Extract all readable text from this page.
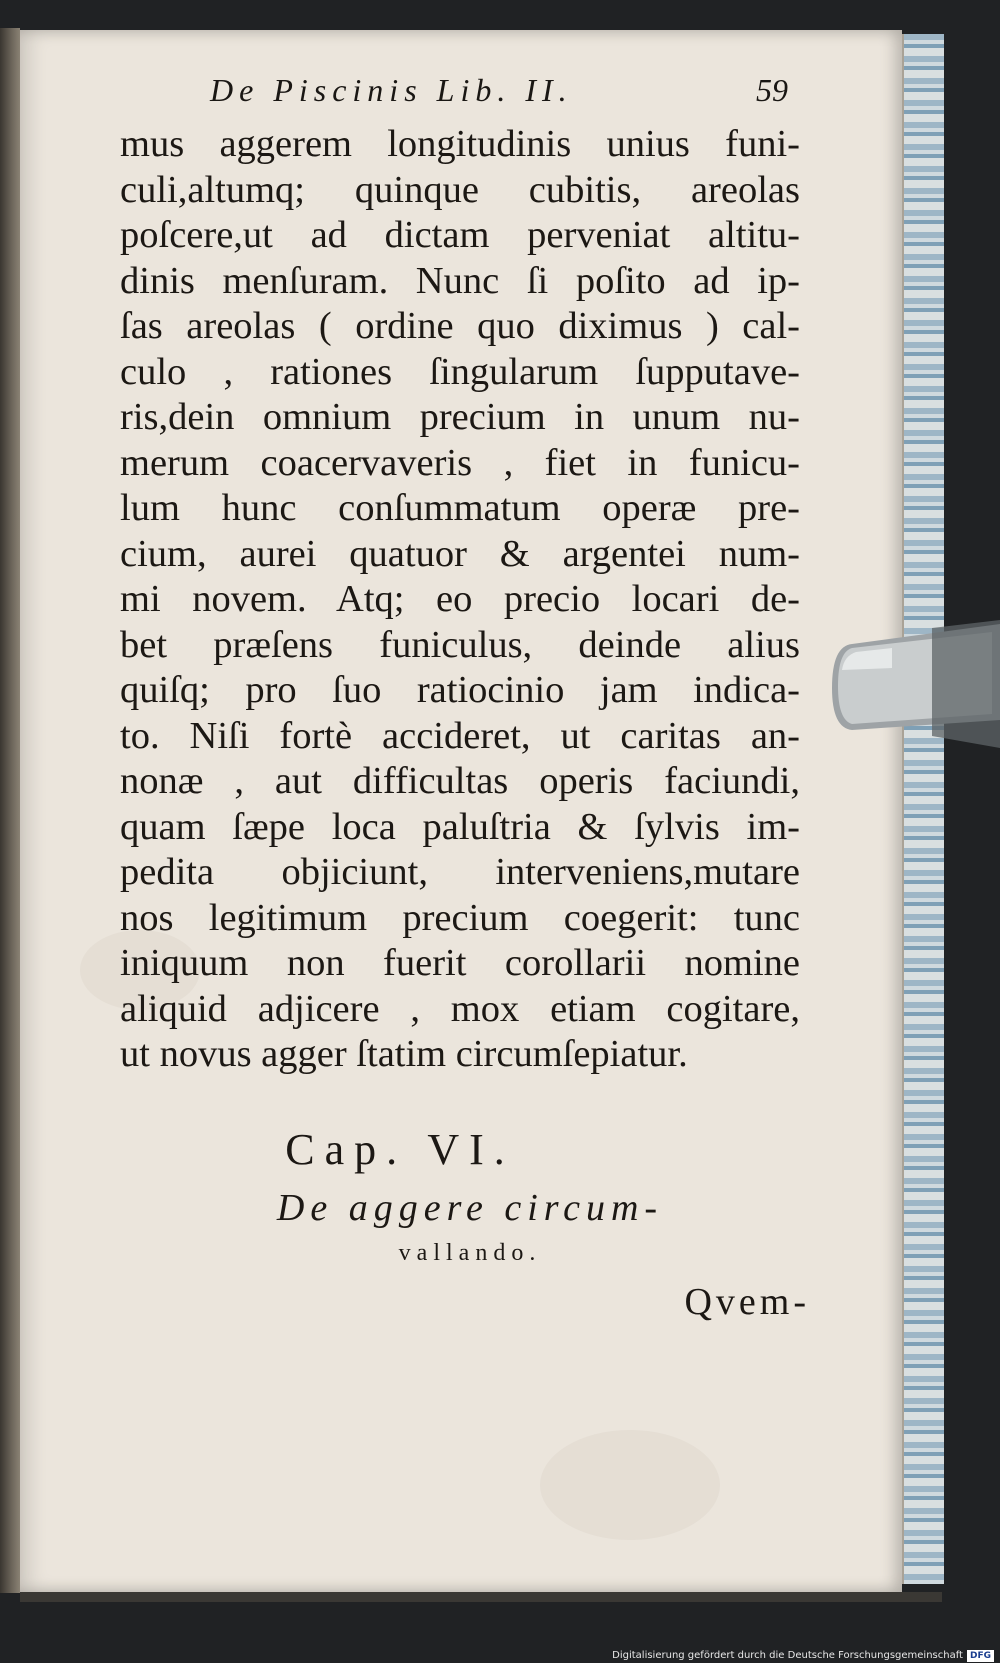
De Piscinis Lib. II.	59
mus aggerem longitudinis unius funi-
culi,altumq; quinque cubitis, areolas
poſcere,ut ad dictam perveniat altitu-
dinis menſuram. Nunc ſi poſito ad ip-
ſas areolas ( ordine quo diximus ) cal-
culo , rationes ſingularum ſupputave-
ris,dein omnium precium in unum nu-
merum coacervaveris , fiet in funicu-
lum hunc conſummatum operæ pre-
cium, aurei quatuor & argentei num-
mi novem. Atq; eo precio locari de-
bet præſens funiculus, deinde alius
quiſq; pro ſuo ratiocinio jam indica-
to. Niſi fortè accideret, ut caritas an-
nonæ , aut difficultas operis faciundi,
quam ſæpe loca paluſtria & ſylvis im-
pedita objiciunt, interveniens,mutare
nos legitimum precium coegerit: tunc
iniquum non fuerit corollarii nomine
aliquid adjicere , mox etiam cogitare,
ut novus agger ſtatim circumſepiatur.
Cap. VI.
De aggere circum-
vallando.
Qvem-
Digitalisierung gefördert durch die Deutsche Forschungsgemeinschaft DFG
